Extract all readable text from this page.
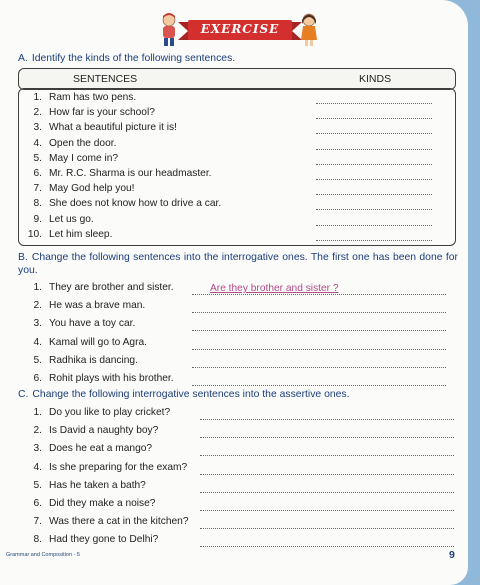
EXERCISE
A. Identify the kinds of the following sentences.
SENTENCES	KINDS
1. Ram has two pens.
2. How far is your school?
3. What a beautiful picture it is!
4. Open the door.
5. May I come in?
6. Mr. R.C. Sharma is our headmaster.
7. May God help you!
8. She does not know how to drive a car.
9. Let us go.
10. Let him sleep.
B. Change the following sentences into the interrogative ones. The first one has been done for you.
1. They are brother and sister.
2. He was a brave man.
3. You have a toy car.
4. Kamal will go to Agra.
5. Radhika is dancing.
6. Rohit plays with his brother.
Are they brother and sister ?
C. Change the following interrogative sentences into the assertive ones.
1. Do you like to play cricket?
2. Is David a naughty boy?
3. Does he eat a mango?
4. Is she preparing for the exam?
5. Has he taken a bath?
6. Did they make a noise?
7. Was there a cat in the kitchen?
8. Had they gone to Delhi?
Grammar and Composition - 5	9
